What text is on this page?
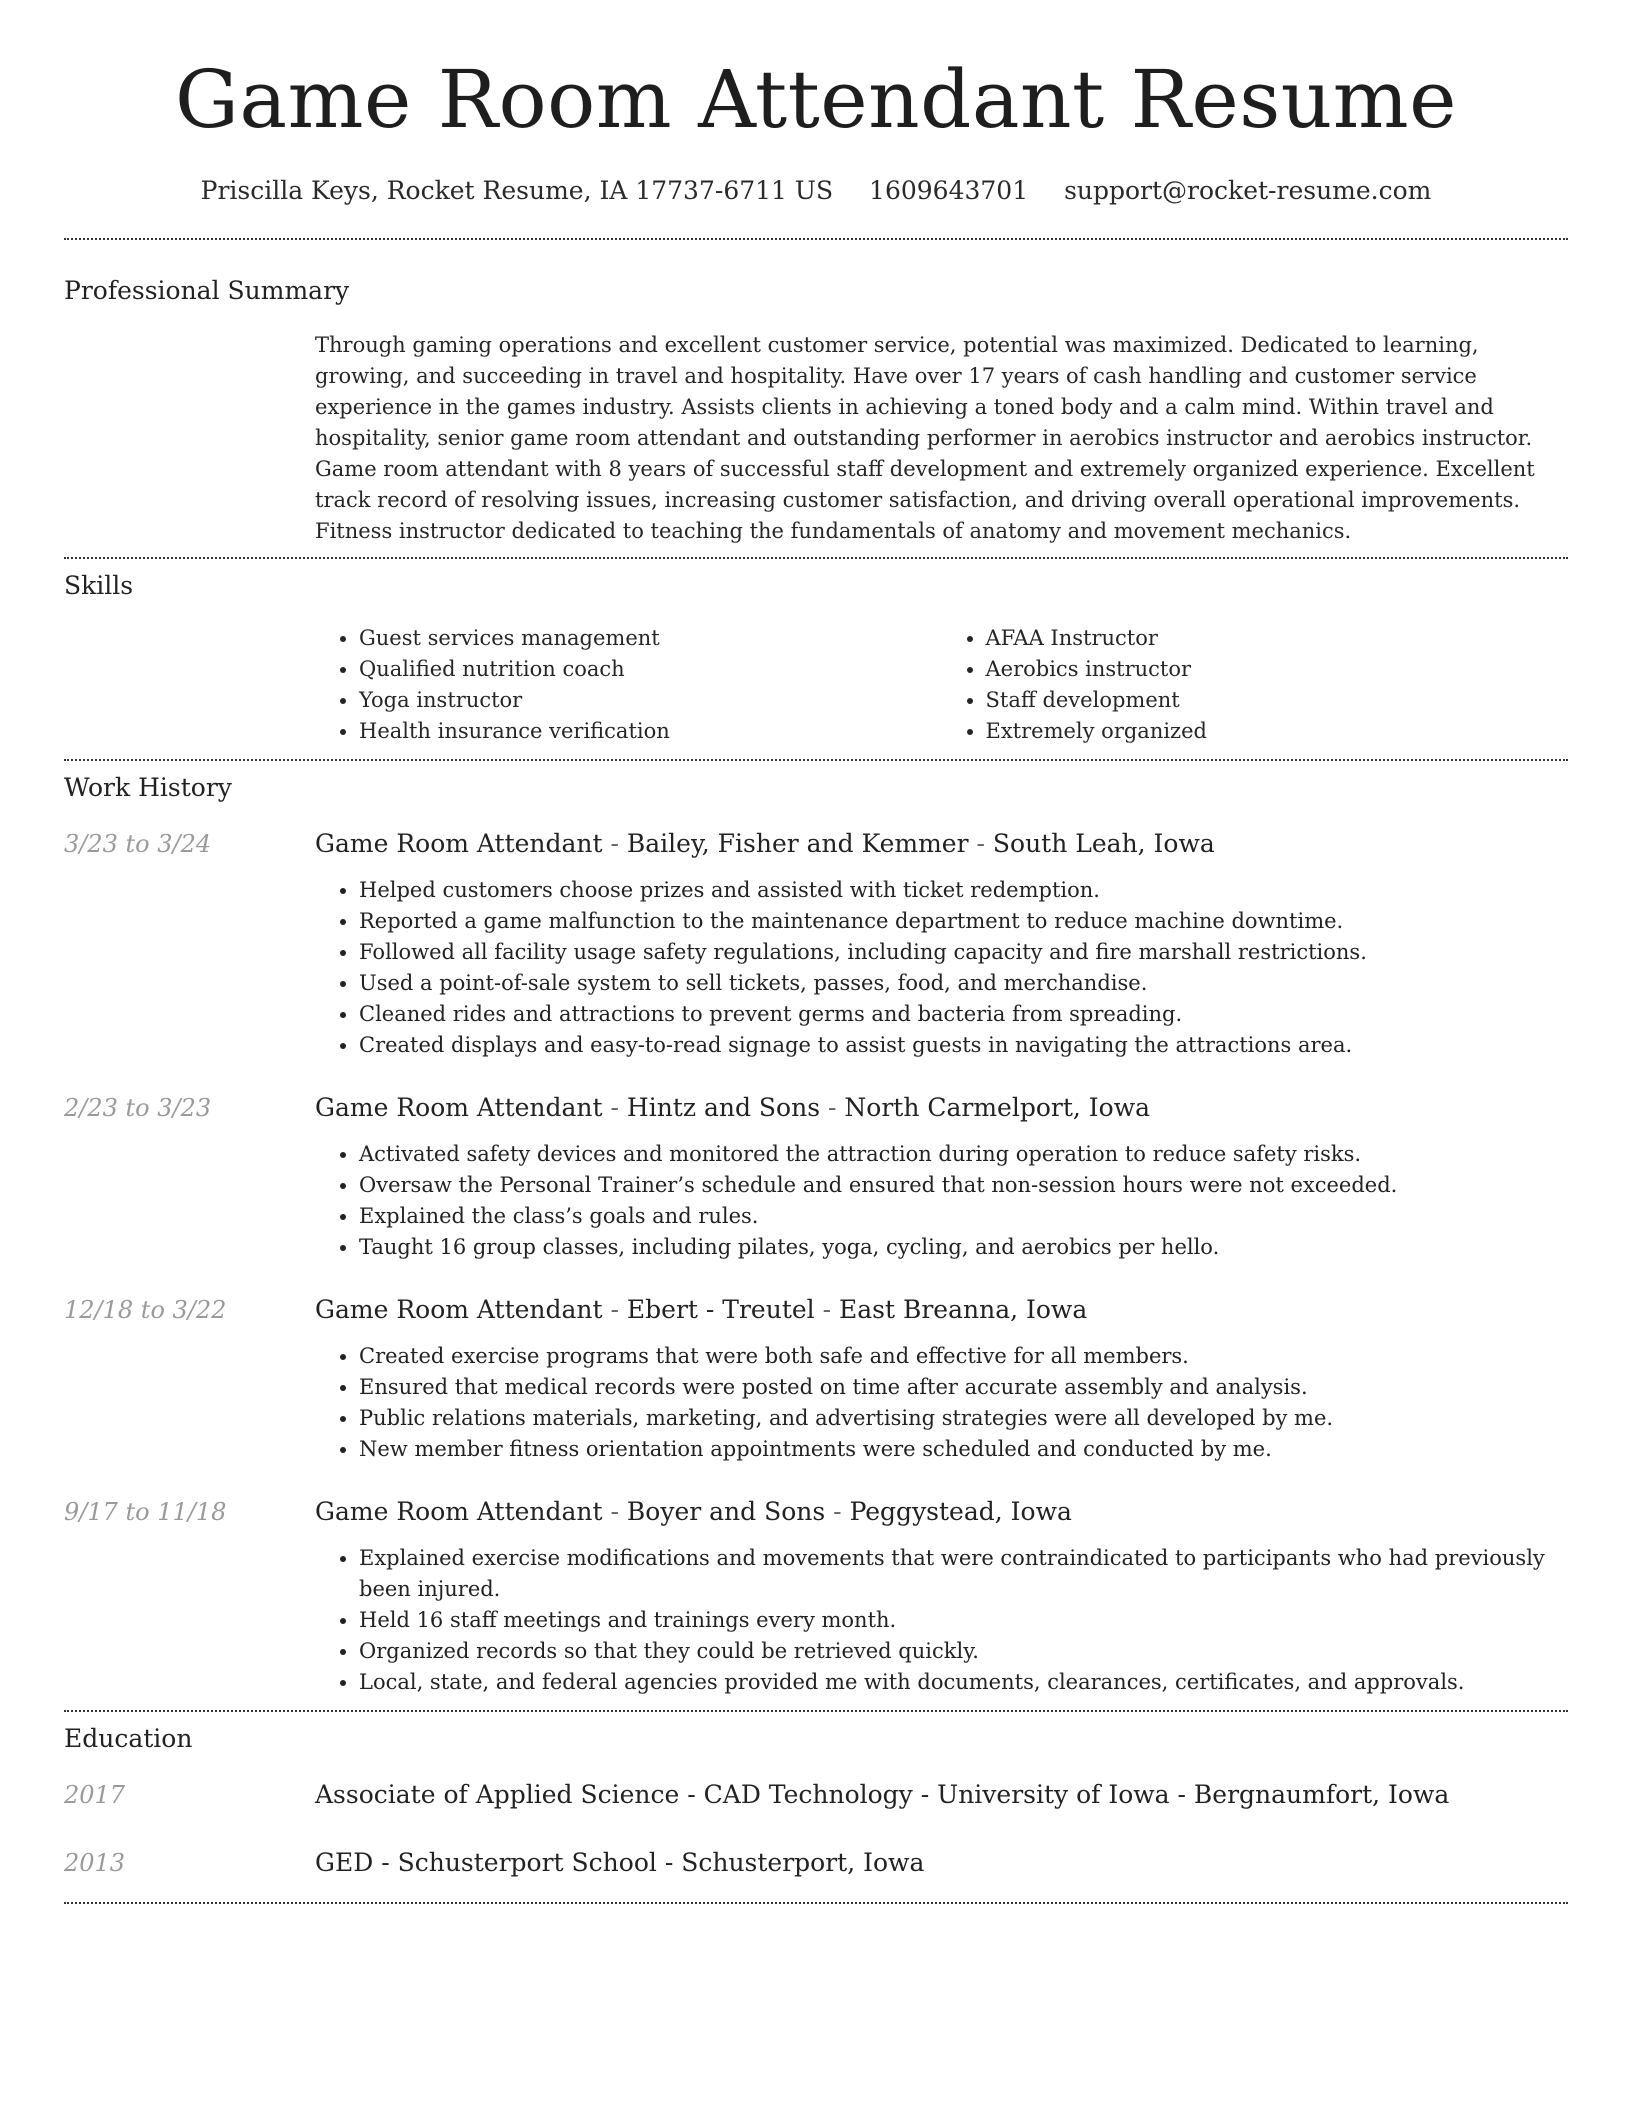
Game Room Attendant Resume
Priscilla Keys, Rocket Resume, IA 17737-6711 US 1609643701 support@rocket-resume.com
Professional Summary
Through gaming operations and excellent customer service, potential was maximized. Dedicated to learning, growing, and succeeding in travel and hospitality. Have over 17 years of cash handling and customer service experience in the games industry. Assists clients in achieving a toned body and a calm mind. Within travel and hospitality, senior game room attendant and outstanding performer in aerobics instructor and aerobics instructor. Game room attendant with 8 years of successful staff development and extremely organized experience. Excellent track record of resolving issues, increasing customer satisfaction, and driving overall operational improvements. Fitness instructor dedicated to teaching the fundamentals of anatomy and movement mechanics.
Skills
• Guest services management
• Qualified nutrition coach
• Yoga instructor
• Health insurance verification
• AFAA Instructor
• Aerobics instructor
• Staff development
• Extremely organized
Work History
3/23 to 3/24	Game Room Attendant - Bailey, Fisher and Kemmer - South Leah, Iowa
• Helped customers choose prizes and assisted with ticket redemption.
• Reported a game malfunction to the maintenance department to reduce machine downtime.
• Followed all facility usage safety regulations, including capacity and fire marshall restrictions.
• Used a point-of-sale system to sell tickets, passes, food, and merchandise.
• Cleaned rides and attractions to prevent germs and bacteria from spreading.
• Created displays and easy-to-read signage to assist guests in navigating the attractions area.
2/23 to 3/23	Game Room Attendant - Hintz and Sons - North Carmelport, Iowa
• Activated safety devices and monitored the attraction during operation to reduce safety risks.
• Oversaw the Personal Trainer’s schedule and ensured that non-session hours were not exceeded.
• Explained the class’s goals and rules.
• Taught 16 group classes, including pilates, yoga, cycling, and aerobics per hello.
12/18 to 3/22	Game Room Attendant - Ebert - Treutel - East Breanna, Iowa
• Created exercise programs that were both safe and effective for all members.
• Ensured that medical records were posted on time after accurate assembly and analysis.
• Public relations materials, marketing, and advertising strategies were all developed by me.
• New member fitness orientation appointments were scheduled and conducted by me.
9/17 to 11/18	Game Room Attendant - Boyer and Sons - Peggystead, Iowa
• Explained exercise modifications and movements that were contraindicated to participants who had previously been injured.
• Held 16 staff meetings and trainings every month.
• Organized records so that they could be retrieved quickly.
• Local, state, and federal agencies provided me with documents, clearances, certificates, and approvals.
Education
2017	Associate of Applied Science - CAD Technology - University of Iowa - Bergnaumfort, Iowa
2013	GED - Schusterport School - Schusterport, Iowa
